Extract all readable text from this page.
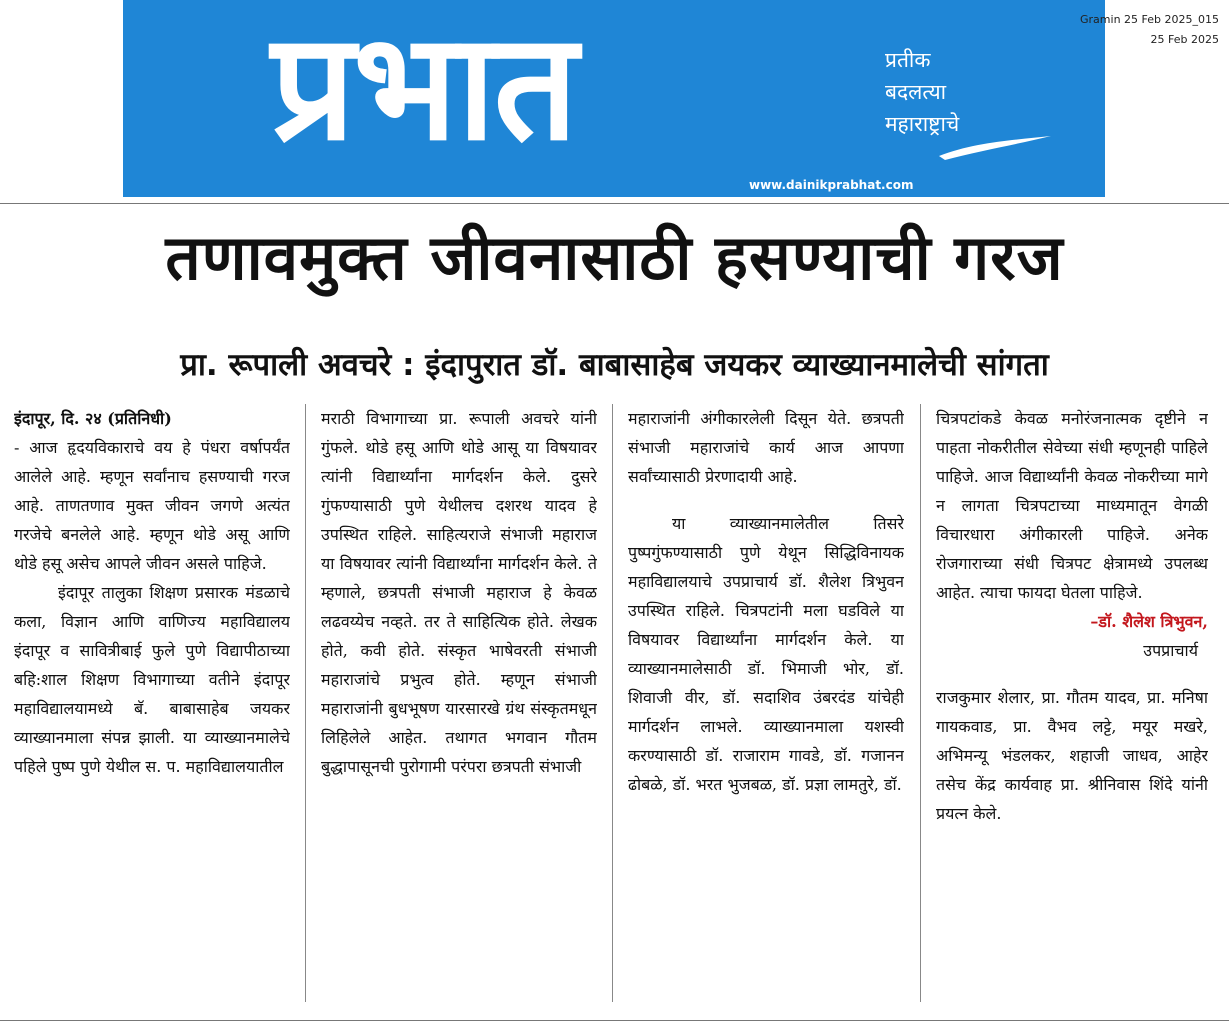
प्रभात	प्रतीक
बदलत्या
महाराष्ट्राचे
www.dainikprabhat.com
Gramin 25 Feb 2025_015
25 Feb 2025
तणावमुक्त जीवनासाठी हसण्याची गरज
प्रा. रूपाली अवचरे : इंदापुरात डॉ. बाबासाहेब जयकर व्याख्यानमालेची सांगता

इंदापूर, दि. २४ (प्रतिनिधी)

- आज हृदयविकाराचे वय हे पंधरा वर्षापर्यंत आलेले आहे. म्हणून सर्वांनाच हसण्याची गरज आहे. ताणतणाव मुक्त जीवन जगणे अत्यंत गरजेचे बनलेले आहे. म्हणून थोडे असू आणि थोडे हसू असेच आपले जीवन असले पाहिजे.

इंदापूर तालुका शिक्षण प्रसारक मंडळाचे कला, विज्ञान आणि वाणिज्य महाविद्यालय इंदापूर व सावित्रीबाई फुले पुणे विद्यापीठाच्या बहि:शाल शिक्षण विभागाच्या वतीने इंदापूर महाविद्यालयामध्ये बॅ. बाबासाहेब जयकर व्याख्यानमाला संपन्न झाली. या व्याख्यानमालेचे पहिले पुष्प पुणे येथील स. प. महाविद्यालयातील

मराठी विभागाच्या प्रा. रूपाली अवचरे यांनी गुंफले. थोडे हसू आणि थोडे आसू या विषयावर त्यांनी विद्यार्थ्यांना मार्गदर्शन केले. दुसरे गुंफण्यासाठी पुणे येथीलच दशरथ यादव हे उपस्थित राहिले. साहित्यराजे संभाजी महाराज या विषयावर त्यांनी विद्यार्थ्यांना मार्गदर्शन केले. ते म्हणाले, छत्रपती संभाजी महाराज हे केवळ लढवय्येच नव्हते. तर ते साहित्यिक होते. लेखक होते, कवी होते. संस्कृत भाषेवरती संभाजी महाराजांचे प्रभुत्व होते. म्हणून संभाजी महाराजांनी बुधभूषण यारसारखे ग्रंथ संस्कृतमधून लिहिलेले आहेत. तथागत भगवान गौतम बुद्धापासूनची पुरोगामी परंपरा छत्रपती संभाजी

महाराजांनी अंगीकारलेली दिसून येते. छत्रपती संभाजी महाराजांचे कार्य आज आपणा सर्वांच्यासाठी प्रेरणादायी आहे.

या व्याख्यानमालेतील तिसरे पुष्पगुंफण्यासाठी पुणे येथून सिद्धिविनायक महाविद्यालयाचे उपप्राचार्य डॉ. शैलेश त्रिभुवन उपस्थित राहिले. चित्रपटांनी मला घडविले या विषयावर विद्यार्थ्यांना मार्गदर्शन केले. या व्याख्यानमालेसाठी डॉ. भिमाजी भोर, डॉ. शिवाजी वीर, डॉ. सदाशिव उंबरदंड यांचेही मार्गदर्शन लाभले. व्याख्यानमाला यशस्वी करण्यासाठी डॉ. राजाराम गावडे, डॉ. गजानन ढोबळे, डॉ. भरत भुजबळ, डॉ. प्रज्ञा लामतुरे, डॉ.

चित्रपटांकडे केवळ मनोरंजनात्मक दृष्टीने न पाहता नोकरीतील सेवेच्या संधी म्हणूनही पाहिले पाहिजे. आज विद्यार्थ्यांनी केवळ नोकरीच्या मागे न लागता चित्रपटाच्या माध्यमातून वेगळी विचारधारा अंगीकारली पाहिजे. अनेक रोजगाराच्या संधी चित्रपट क्षेत्रामध्ये उपलब्ध आहेत. त्याचा फायदा घेतला पाहिजे.

–डॉ. शैलेश त्रिभुवन,

उपप्राचार्य

राजकुमार शेलार, प्रा. गौतम यादव, प्रा. मनिषा गायकवाड, प्रा. वैभव लट्टे, मयूर मखरे, अभिमन्यू भंडलकर, शहाजी जाधव, आहेर तसेच केंद्र कार्यवाह प्रा. श्रीनिवास शिंदे यांनी प्रयत्न केले.
